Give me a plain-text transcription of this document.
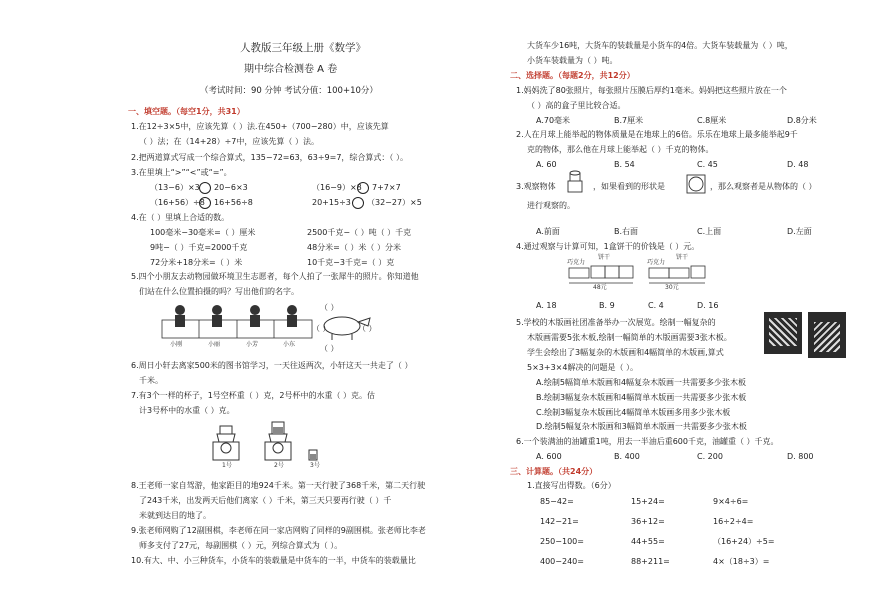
人教版三年级上册《数学》
期中综合检测卷 A 卷
（考试时间：90 分钟 考试分值：100+10分）
一、填空题。（每空1分，共31）
1.在12÷3×5中，应该先算（ ）法.在450+（700−280）中，应该先算
（ ）法；在（14+28）÷7中，应该先算（ ）法。
2.把两道算式写成一个综合算式，135−72=63，63÷9=7，综合算式：（ ）。
3.在里填上“>”“<”或“=”。
（13−6）×3 20−6×3	（16−9）×8 7+7×7
（16+56）÷8 16+56÷8	20+15÷3 （32−27）×5
4.在（ ）里填上合适的数。
100毫米−30毫米=（ ）厘米	2500千克−（ ）吨（ ）千克
9吨−（ ）千克=2000千克	48分米=（ ）米（ ）分米
72分米+18分米=（ ）米	10千克−3千克=（ ）克
5.四个小朋友去动物园做环境卫生志愿者，每个人拍了一张犀牛的照片。你知道他
们站在什么位置拍摄的吗？写出他们的名字。
小刚	小丽	小芳	小东
（ ）
（ ）	（ ）
（ ）
6.周日小轩去离家500米的图书馆学习，一天往返两次，小轩这天一共走了（ ）
千米。
7.有3个一样的杯子，1号空杯重（ ）克，2号杯中的水重（ ）克。估
计3号杯中的水重（ ）克。
1号	2号	3号
8.王老师一家自驾游，他家距目的地924千米。第一天行驶了368千米，第二天行驶
了243千米，出发两天后他们离家（ ）千米，第三天只要再行驶（ ）千
米就到达目的地了。
9.张老师网购了12副围棋，李老师在同一家店网购了同样的9副围棋。张老师比李老
师多支付了27元，每副围棋（ ）元，列综合算式为（ ）。
10.有大、中、小三种货车，小货车的装载量是中货车的一半，中货车的装载量比
大货车少16吨，大货车的装载量是小货车的4倍。大货车装载量为（ ）吨，
小货车装载量为（ ）吨。
二、选择题。（每题2分，共12分）
1.妈妈洗了80张照片，每张照片压膜后厚约1毫米。妈妈把这些照片放在一个
（ ）高的盒子里比较合适。
A.70毫米	B.7厘米	C.8厘米	D.8分米
2.人在月球上能举起的物体质量是在地球上的6倍。乐乐在地球上最多能举起9千
克的物体，那么他在月球上能举起（ ）千克的物体。
A. 60	B. 54	C. 45	D. 48
3.观察物体	，如果看到的形状是	，那么观察者是从物体的（ ）
进行观察的。
A.前面	B.右面	C.上面	D.左面
4.通过观察与计算可知，1盒饼干的价钱是（ ）元。
巧克力
饼干
巧克力
饼干
48元	30元
A. 18	B. 9	C. 4	D. 16
5.学校的木版画社团准备举办一次展览。绘制一幅复杂的
木版画需要5张木板,绘制一幅简单的木版画需要3张木板。
学生会绘出了3幅复杂的木版画和4幅简单的木版画,算式
5×3+3×4解决的问题是（ ）。
A.绘制5幅简单木版画和4幅复杂木版画一共需要多少张木板
B.绘制3幅复杂木版画和4幅简单木版画一共需要多少张木板
C.绘制3幅复杂木版画比4幅简单木版画多用多少张木板
D.绘制5幅复杂木版画和3幅简单木版画一共需要多少张木板
6.一个装满油的油罐重1吨，用去一半油后重600千克，油罐重（ ）千克。
A. 600	B. 400	C. 200	D. 800
三、计算题。（共24分）
1.直接写出得数。（6分）
85−42=	15+24=	9×4÷6=
142−21=	36+12=	16÷2÷4=
250−100=	44+55=	（16+24）÷5=
400−240=	88+211=	4×（18÷3）=
